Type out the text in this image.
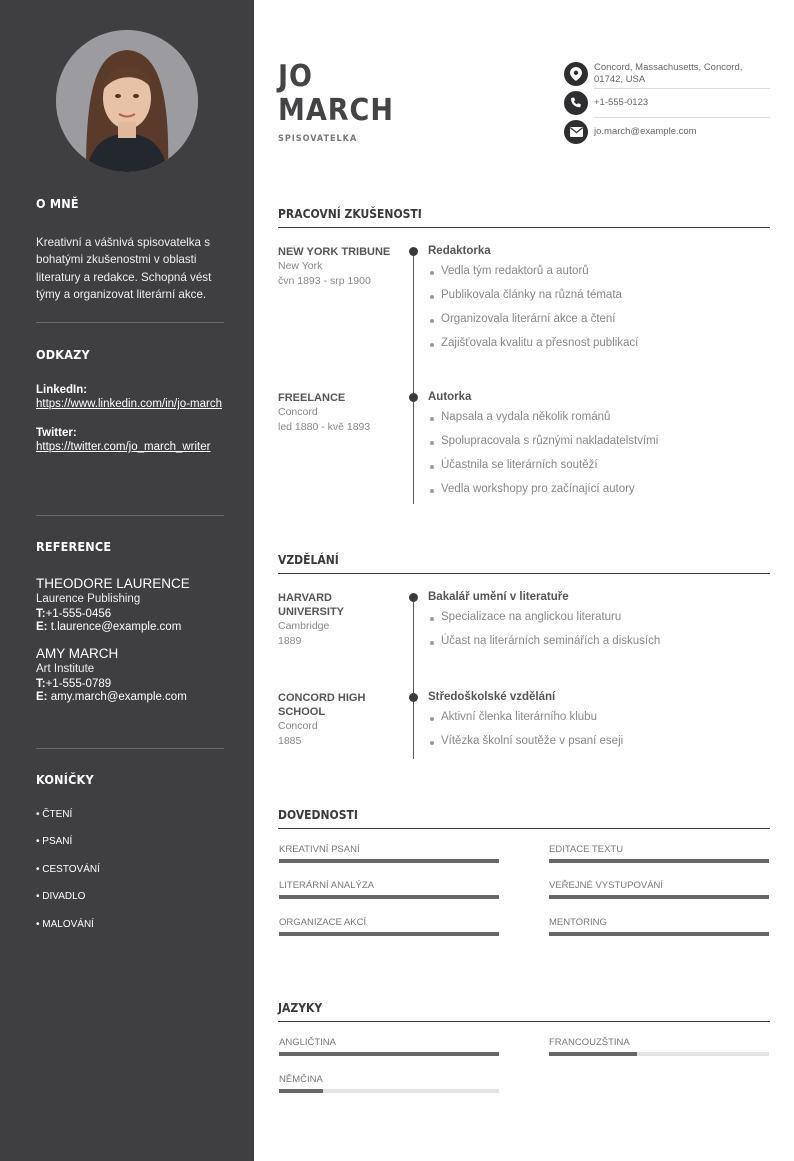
O MNĚ
Kreativní a vášnivá spisovatelka s bohatými zkušenostmi v oblasti literatury a redakce. Schopná vést týmy a organizovat literární akce.
ODKAZY
LinkedIn:
https://www.linkedin.com/in/jo-march
Twitter:
https://twitter.com/jo_march_writer
REFERENCE
THEODORE LAURENCE
Laurence Publishing
T:+1-555-0456
E: t.laurence@example.com
AMY MARCH
Art Institute
T:+1-555-0789
E: amy.march@example.com
KONÍČKY
• ČTENÍ
• PSANÍ
• CESTOVÁNÍ
• DIVADLO
• MALOVÁNÍ
JO
MARCH
SPISOVATELKA
Concord, Massachusetts, Concord, 01742, USA
+1-555-0123
jo.march@example.com
PRACOVNÍ ZKUŠENOSTI
NEW YORK TRIBUNE
New York
čvn 1893 - srp 1900
Redaktorka
Vedla tým redaktorů a autorů
Publikovala články na různá témata
Organizovala literární akce a čtení
Zajišťovala kvalitu a přesnost publikací
FREELANCE
Concord
led 1880 - kvě 1893
Autorka
Napsala a vydala několik románů
Spolupracovala s různými nakladatelstvími
Účastnila se literárních soutěží
Vedla workshopy pro začínající autory
VZDĚLÁNÍ
HARVARD UNIVERSITY
Cambridge
1889
Bakalář umění v literatuře
Specializace na anglickou literaturu
Účast na literárních seminářích a diskusích
CONCORD HIGH SCHOOL
Concord
1885
Středoškolské vzdělání
Aktivní členka literárního klubu
Vítězka školní soutěže v psaní eseji
DOVEDNOSTI
KREATIVNÍ PSANÍ	EDITACE TEXTU
LITERÁRNÍ ANALÝZA	VEŘEJNÉ VYSTUPOVÁNÍ
ORGANIZACE AKCÍ	MENTORING
JAZYKY
ANGLIČTINA	FRANCOUZŠTINA
NĚMČINA
